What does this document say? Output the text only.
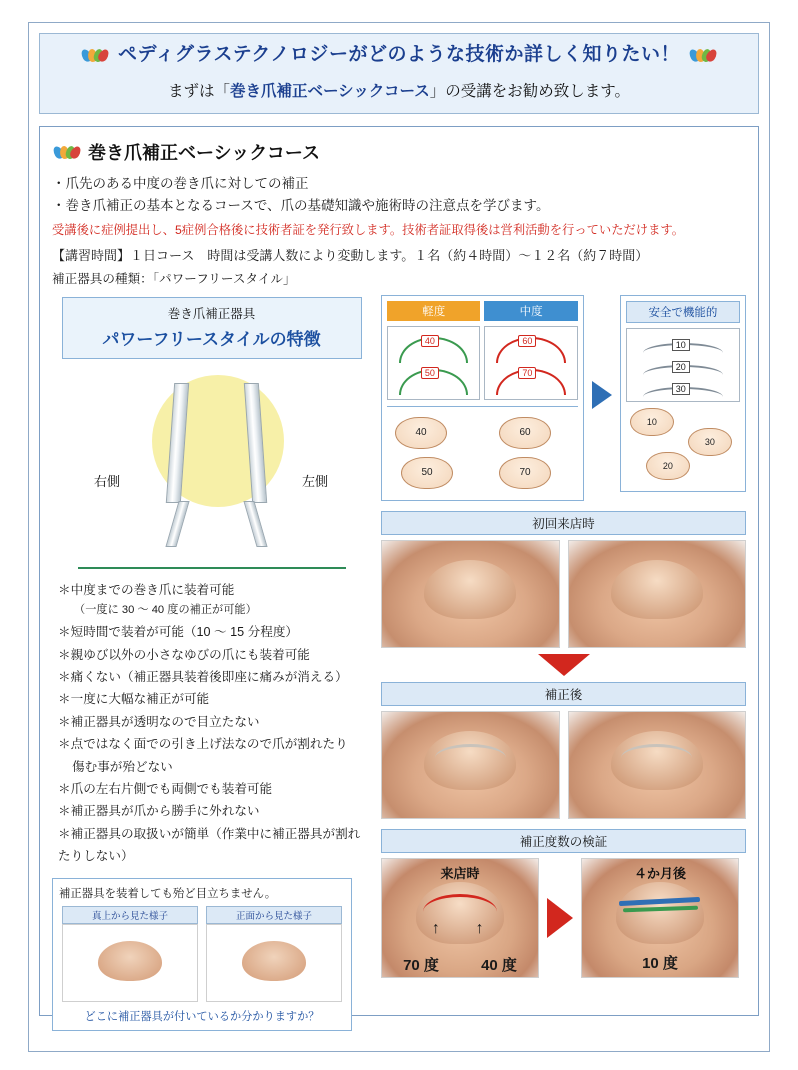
ペディグラステクノロジーがどのような技術か詳しく知りたい！
まずは「巻き爪補正ベーシックコース」の受講をお勧め致します。
巻き爪補正ベーシックコース
・爪先のある中度の巻き爪に対しての補正
・巻き爪補正の基本となるコースで、爪の基礎知識や施術時の注意点を学びます。
受講後に症例提出し、5症例合格後に技術者証を発行致します。技術者証取得後は営利活動を行っていただけます。
【講習時間】１日コース　時間は受講人数により変動します。１名（約４時間）～１２名（約７時間）
補正器具の種類：「パワーフリースタイル」
巻き爪補正器具
パワーフリースタイルの特徴
右側	左側
＊中度までの巻き爪に装着可能
（一度に 30 ～ 40 度の補正が可能）
＊短時間で装着が可能（10 ～ 15 分程度）
＊親ゆび以外の小さなゆびの爪にも装着可能
＊痛くない（補正器具装着後即座に痛みが消える）
＊一度に大幅な補正が可能
＊補正器具が透明なので目立たない
＊点ではなく面での引き上げ法なので爪が割れたり
傷む事が殆どない
＊爪の左右片側でも両側でも装着可能
＊補正器具が爪から勝手に外れない
＊補正器具の取扱いが簡単（作業中に補正器具が割れたりしない）
補正器具を装着しても殆ど目立ちません。
真上から見た様子	正面から見た様子
どこに補正器具が付いているか分かりますか？
軽度	中度
40
50
60
70
40	60
50	70
安全で機能的
10
20
30
10
30
20
初回来店時
補正後
補正度数の検証
↑ ↑
来店時
70 度	40 度
４か月後
10 度
